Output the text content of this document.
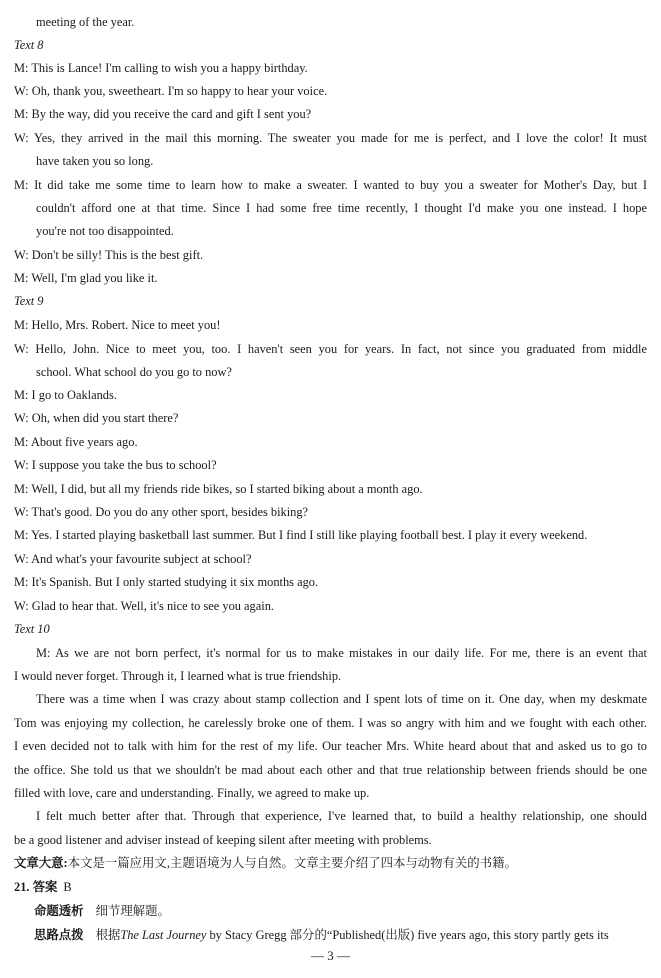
meeting of the year.
Text 8
M: This is Lance! I'm calling to wish you a happy birthday.
W: Oh, thank you, sweetheart. I'm so happy to hear your voice.
M: By the way, did you receive the card and gift I sent you?
W: Yes, they arrived in the mail this morning. The sweater you made for me is perfect, and I love the color! It must
have taken you so long.
M: It did take me some time to learn how to make a sweater. I wanted to buy you a sweater for Mother's Day, but I
couldn't afford one at that time. Since I had some free time recently, I thought I'd make you one instead. I hope
you're not too disappointed.
W: Don't be silly! This is the best gift.
M: Well, I'm glad you like it.
Text 9
M: Hello, Mrs. Robert. Nice to meet you!
W: Hello, John. Nice to meet you, too. I haven't seen you for years. In fact, not since you graduated from middle
school. What school do you go to now?
M: I go to Oaklands.
W: Oh, when did you start there?
M: About five years ago.
W: I suppose you take the bus to school?
M: Well, I did, but all my friends ride bikes, so I started biking about a month ago.
W: That's good. Do you do any other sport, besides biking?
M: Yes. I started playing basketball last summer. But I find I still like playing football best. I play it every weekend.
W: And what's your favourite subject at school?
M: It's Spanish. But I only started studying it six months ago.
W: Glad to hear that. Well, it's nice to see you again.
Text 10
M: As we are not born perfect, it's normal for us to make mistakes in our daily life. For me, there is an event that
I would never forget. Through it, I learned what is true friendship.
There was a time when I was crazy about stamp collection and I spent lots of time on it. One day, when my deskmate
Tom was enjoying my collection, he carelessly broke one of them. I was so angry with him and we fought with each other.
I even decided not to talk with him for the rest of my life. Our teacher Mrs. White heard about that and asked us to go to
the office. She told us that we shouldn't be mad about each other and that true relationship between friends should be one
filled with love, care and understanding. Finally, we agreed to make up.
I felt much better after that. Through that experience, I've learned that, to build a healthy relationship, one should
be a good listener and adviser instead of keeping silent after meeting with problems.
文章大意:本文是一篇应用文,主题语境为人与自然。文章主要介绍了四本与动物有关的书籍。
21. 答案 B
命题透析 细节理解题。
思路点拨 根据The Last Journey by Stacy Gregg 部分的“Published(出版) five years ago, this story partly gets its
— 3 —
